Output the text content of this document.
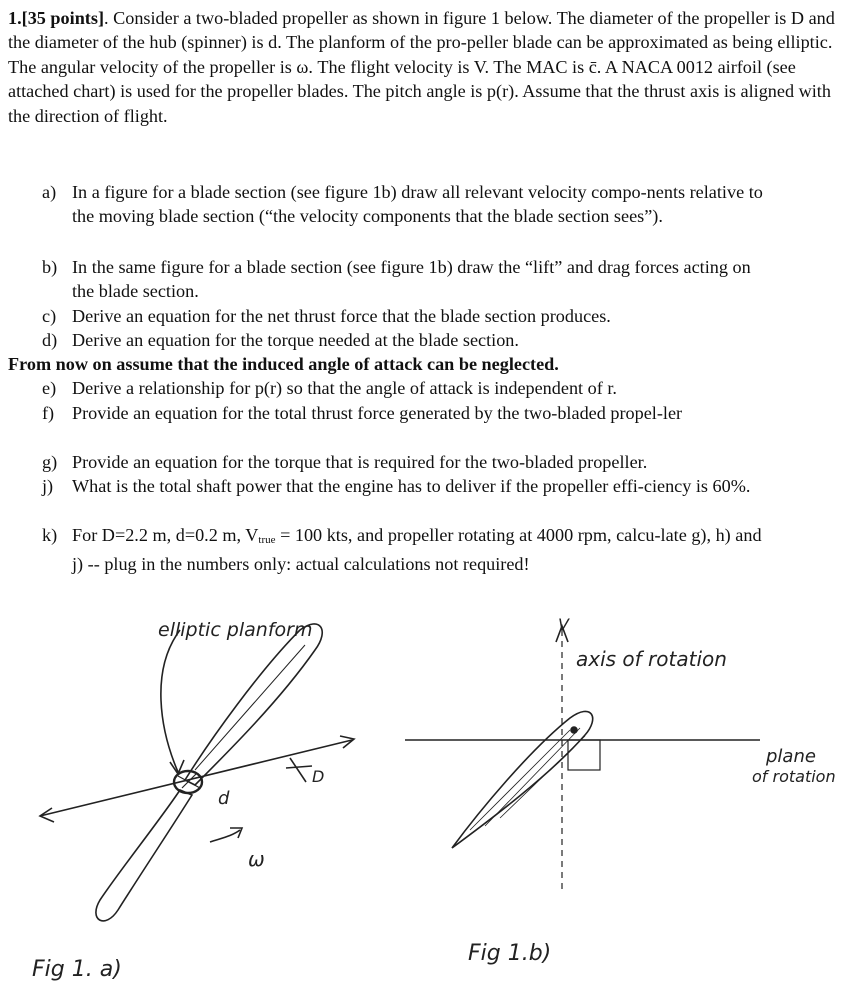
1.[35 points]. Consider a two-bladed propeller as shown in figure 1 below. The diameter of the propeller is D and the diameter of the hub (spinner) is d. The planform of the pro-peller blade can be approximated as being elliptic. The angular velocity of the propeller is ω. The flight velocity is V. The MAC is c̄. A NACA 0012 airfoil (see attached chart) is used for the propeller blades. The pitch angle is p(r). Assume that the thrust axis is aligned with the direction of flight.

a) In a figure for a blade section (see figure 1b) draw all relevant velocity compo-nents relative to the moving blade section (“the velocity components that the blade section sees”).
b) In the same figure for a blade section (see figure 1b) draw the “lift” and drag forces acting on the blade section.
c) Derive an equation for the net thrust force that the blade section produces.
d) Derive an equation for the torque needed at the blade section.
From now on assume that the induced angle of attack can be neglected.
e) Derive a relationship for p(r) so that the angle of attack is independent of r.
f) Provide an equation for the total thrust force generated by the two-bladed propel-ler
g) Provide an equation for the torque that is required for the two-bladed propeller.
j) What is the total shaft power that the engine has to deliver if the propeller effi-ciency is 60%.
k) For D=2.2 m, d=0.2 m, $V_{true} = 100$ kts, and propeller rotating at 4000 rpm, calcu-late g), h) and j) -- plug in the numbers only: actual calculations not required!
elliptic planform
d
ω
D
Fig 1. a)
V
axis of rotation
plane
of rotation
Fig 1.b)
